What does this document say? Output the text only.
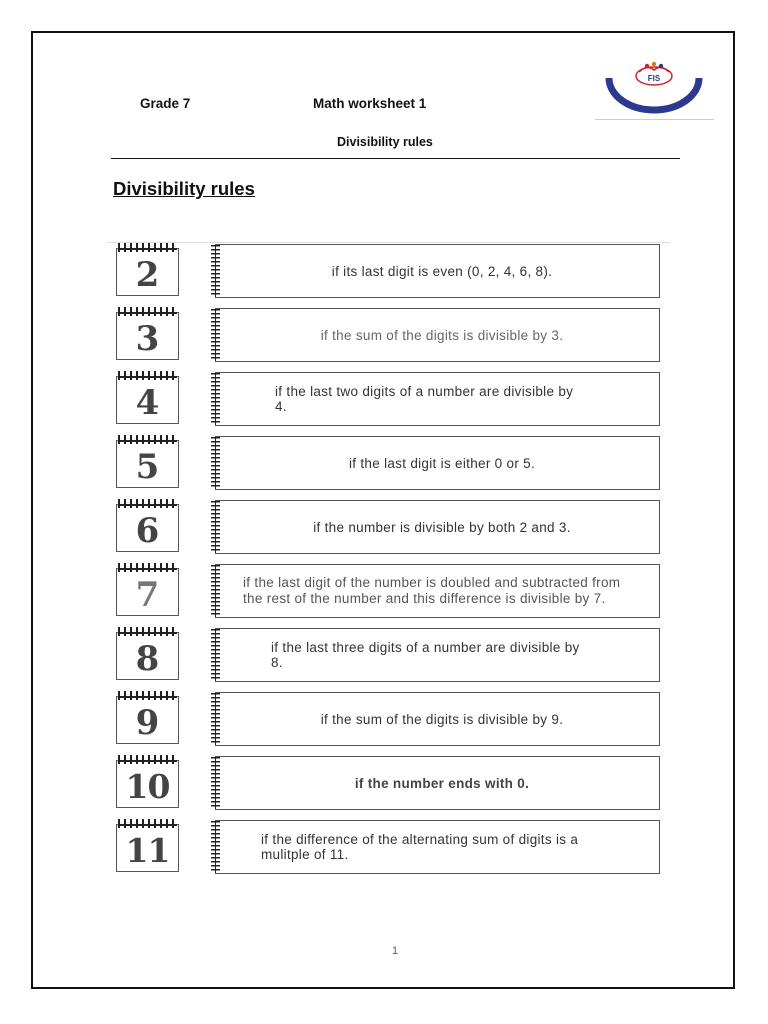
Grade 7	Math worksheet 1
Divisibility rules
FIS
Divisibility rules
2	if its last digit is even (0, 2, 4, 6, 8).
3	if the sum of the digits is divisible by 3.
4	if the last two digits of a number are divisible by 4.
5	if the last digit is either 0 or 5.
6	if the number is divisible by both 2 and 3.
7	if the last digit of the number is doubled and subtracted from the rest of the number and this difference is divisible by 7.
8	if the last three digits of a number are divisible by 8.
9	if the sum of the digits is divisible by 9.
10	if the number ends with 0.
11	if the difference of the alternating sum of digits is a mulitple of 11.
1
